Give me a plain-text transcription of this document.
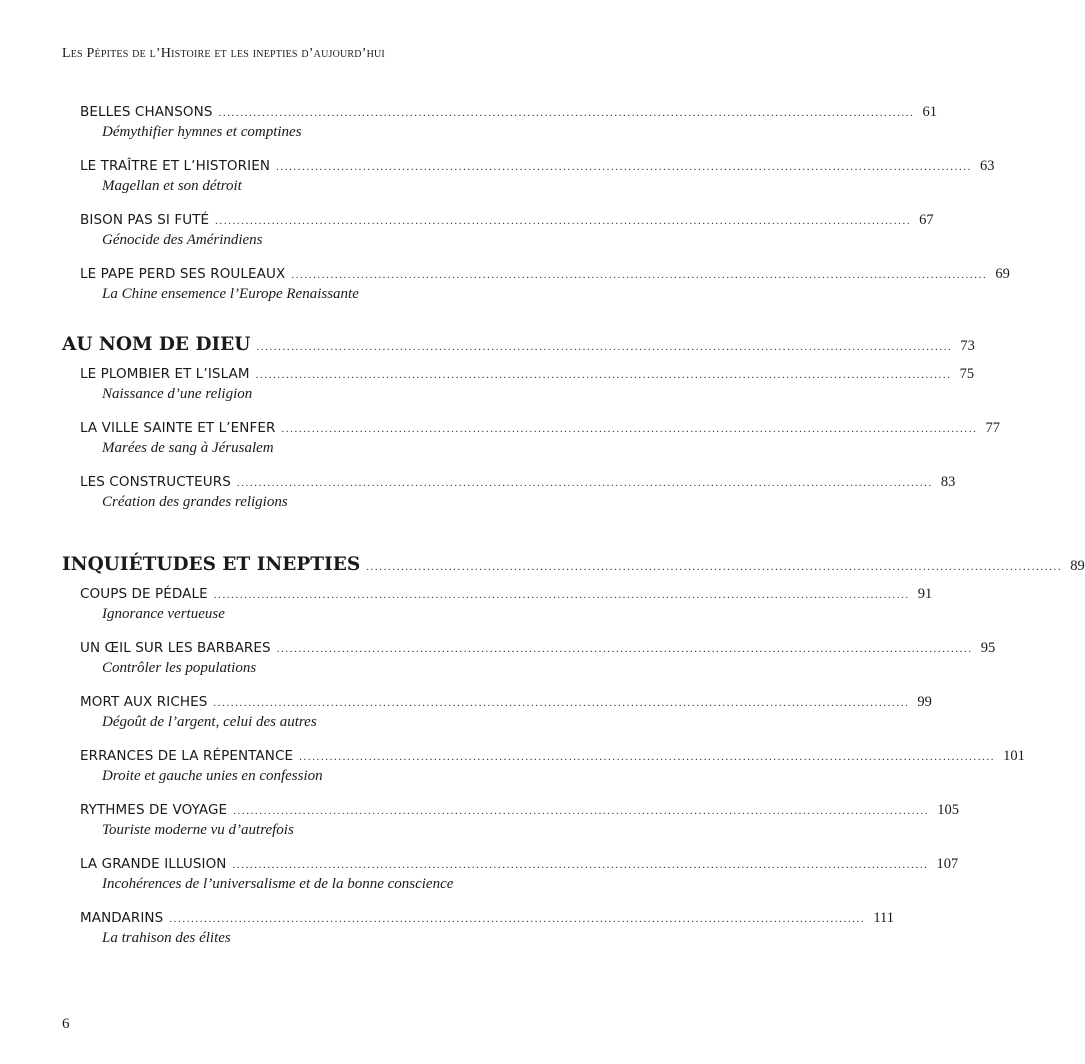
Les Pépites de l’Histoire et les inepties d’aujourd’hui
BELLES CHANSONS ................................................................................................................................................................ 61
Démythifier hymnes et comptines
LE TRAÎTRE ET L’HISTORIEN ................................................................................................................................................................ 63
Magellan et son détroit
BISON PAS SI FUTÉ ................................................................................................................................................................ 67
Génocide des Amérindiens
LE PAPE PERD SES ROULEAUX ................................................................................................................................................................ 69
La Chine ensemence l’Europe Renaissante
AU NOM DE DIEU ................................................................................................................................................................ 73
LE PLOMBIER ET L’ISLAM ................................................................................................................................................................ 75
Naissance d’une religion
LA VILLE SAINTE ET L’ENFER ................................................................................................................................................................ 77
Marées de sang à Jérusalem
LES CONSTRUCTEURS ................................................................................................................................................................ 83
Création des grandes religions
INQUIÉTUDES ET INEPTIES ................................................................................................................................................................ 89
COUPS DE PÉDALE ................................................................................................................................................................ 91
Ignorance vertueuse
UN ŒIL SUR LES BARBARES ................................................................................................................................................................ 95
Contrôler les populations
MORT AUX RICHES ................................................................................................................................................................ 99
Dégoût de l’argent, celui des autres
ERRANCES DE LA RÉPENTANCE ................................................................................................................................................................ 101
Droite et gauche unies en confession
RYTHMES DE VOYAGE ................................................................................................................................................................ 105
Touriste moderne vu d’autrefois
LA GRANDE ILLUSION ................................................................................................................................................................ 107
Incohérences de l’universalisme et de la bonne conscience
MANDARINS ................................................................................................................................................................ 111
La trahison des élites
6
